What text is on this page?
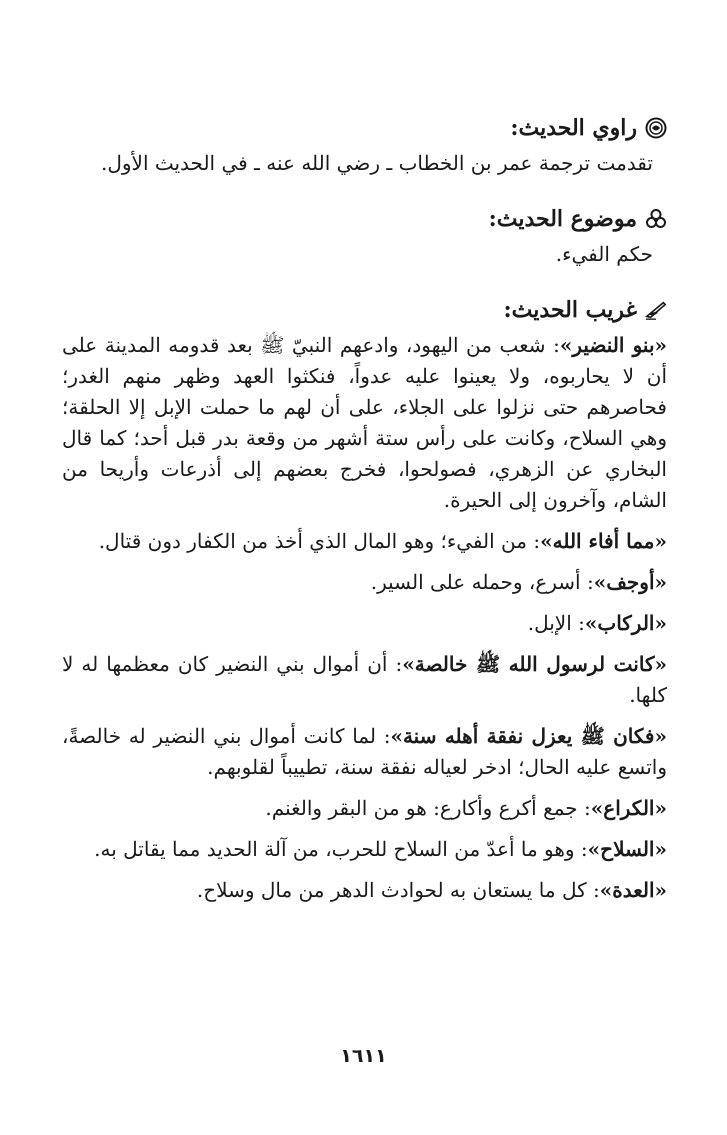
راوي الحديث:
تقدمت ترجمة عمر بن الخطاب ـ رضي الله عنه ـ في الحديث الأول.
موضوع الحديث:
حكم الفيء.
غريب الحديث:
«بنو النضير»: شعب من اليهود، وادعهم النبيّ ﷺ بعد قدومه المدينة على أن لا يحاربوه، ولا يعينوا عليه عدواً، فنكثوا العهد وظهر منهم الغدر؛ فحاصرهم حتى نزلوا على الجلاء، على أن لهم ما حملت الإبل إلا الحلقة؛ وهي السلاح، وكانت على رأس ستة أشهر من وقعة بدر قبل أحد؛ كما قال البخاري عن الزهري، فصولحوا، فخرج بعضهم إلى أذرعات وأريحا من الشام، وآخرون إلى الحيرة.
«مما أفاء الله»: من الفيء؛ وهو المال الذي أخذ من الكفار دون قتال.
«أوجف»: أسرع، وحمله على السير.
«الركاب»: الإبل.
«كانت لرسول الله ﷺ خالصة»: أن أموال بني النضير كان معظمها له لا كلها.
«فكان ﷺ يعزل نفقة أهله سنة»: لما كانت أموال بني النضير له خالصةً، واتسع عليه الحال؛ ادخر لعياله نفقة سنة، تطييباً لقلوبهم.
«الكراع»: جمع أكرع وأكارع: هو من البقر والغنم.
«السلاح»: وهو ما أعدّ من السلاح للحرب، من آلة الحديد مما يقاتل به.
«العدة»: كل ما يستعان به لحوادث الدهر من مال وسلاح.
١٦١١
